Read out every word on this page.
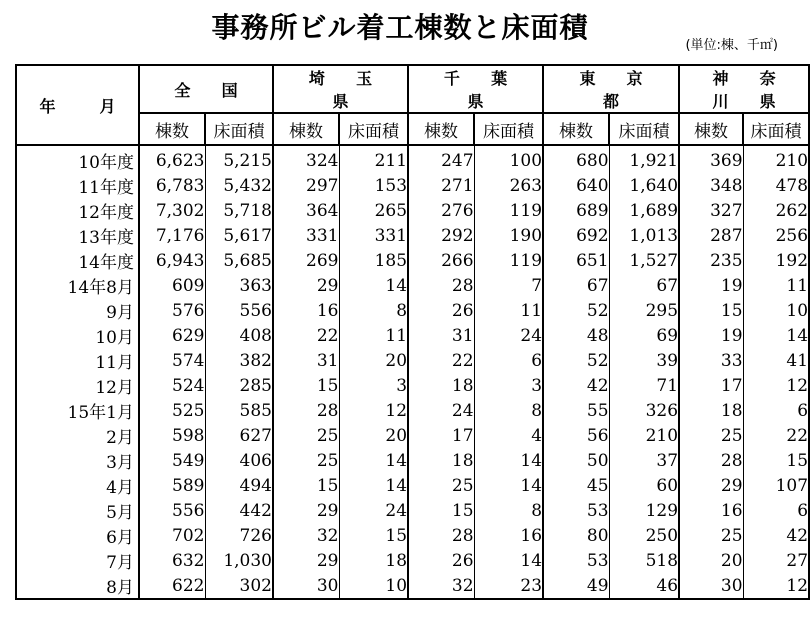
事務所ビル着工棟数と床面積
(単位:棟、千㎡)
年 月	全 国		埼 玉 県		千 葉 県		東 京 都		神 奈 川 県	
	棟数	床面積	棟数	床面積	棟数	床面積	棟数	床面積	棟数	床面積
10年度	6,623	5,215	324	211	247	100	680	1,921	369	210
11年度	6,783	5,432	297	153	271	263	640	1,640	348	478
12年度	7,302	5,718	364	265	276	119	689	1,689	327	262
13年度	7,176	5,617	331	331	292	190	692	1,013	287	256
14年度	6,943	5,685	269	185	266	119	651	1,527	235	192
14年8月	609	363	29	14	28	7	67	67	19	11
9月	576	556	16	8	26	11	52	295	15	10
10月	629	408	22	11	31	24	48	69	19	14
11月	574	382	31	20	22	6	52	39	33	41
12月	524	285	15	3	18	3	42	71	17	12
15年1月	525	585	28	12	24	8	55	326	18	6
2月	598	627	25	20	17	4	56	210	25	22
3月	549	406	25	14	18	14	50	37	28	15
4月	589	494	15	14	25	14	45	60	29	107
5月	556	442	29	24	15	8	53	129	16	6
6月	702	726	32	15	28	16	80	250	25	42
7月	632	1,030	29	18	26	14	53	518	20	27
8月	622	302	30	10	32	23	49	46	30	12
